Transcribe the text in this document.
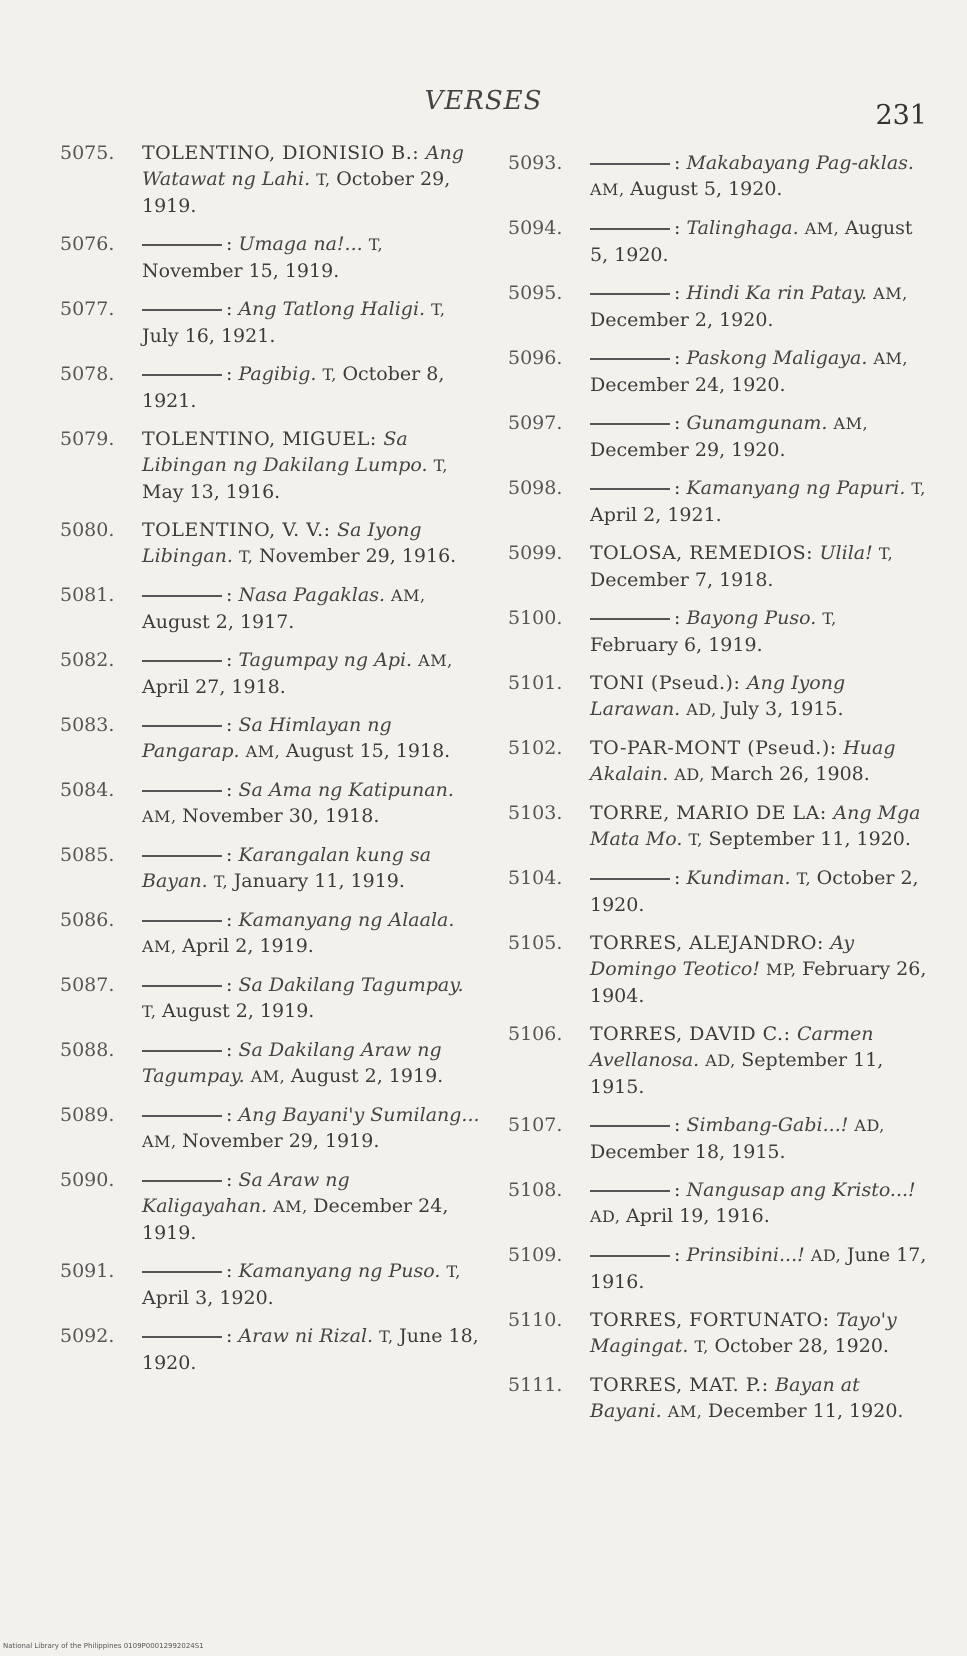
VERSES	231
5075 .	TOLENTINO, DIONISIO B. : Ang Watawat ng Lahi. T, October 29, 1919.
5076 . :	Umaga na!... T,November 15, 1919.
5077 . :	Ang Tatlong Haligi. T,July 16, 1921.
5078 . :	Pagibig. T, October 8, 1921.
5079 .	TOLENTINO, MIGUEL : Sa Libingan ng Dakilang Lumpo. T,May 13, 1916.
5080 .	TOLENTINO, V. V. : Sa Iyong Libingan. T, November 29, 1916.
5081 . :	Nasa Pagaklas. AM,August 2, 1917.
5082 . :	Tagumpay ng Api. AM,April 27, 1918.
5083 . :	Sa Himlayan ng Pangarap. AM, August 15, 1918.
5084 . :	Sa Ama ng Katipunan.AM, November 30, 1918.
5085 . :	Karangalan kung sa Bayan. T, January 11, 1919.
5086 . :	Kamanyang ng Alaala.AM, April 2, 1919.
5087 . :	Sa Dakilang Tagumpay.T, August 2, 1919.
5088 . :	Sa Dakilang Araw ng Tagumpay. AM, August 2, 1919.
5089 . :	Ang Bayani'y Sumilang...AM, November 29, 1919.
5090 . :	Sa Araw ng Kaligayahan. AM, December 24, 1919.
5091 . :	Kamanyang ng Puso. T,April 3, 1920.
5092 . :	Araw ni Rizal. T, June 18, 1920.
5093 . :	Makabayang Pag-aklas.AM, August 5, 1920.
5094 . :	Talinghaga. AM, August 5, 1920.
5095 . :	Hindi Ka rin Patay. AM,December 2, 1920.
5096 . :	Paskong Maligaya. AM,December 24, 1920.
5097 . :	Gunamgunam. AM,December 29, 1920.
5098 . :	Kamanyang ng Papuri. T,April 2, 1921.
5099 .	TOLOSA, REMEDIOS : Ulila! T,December 7, 1918.
5100 . :	Bayong Puso. T,February 6, 1919.
5101 .	TONI (Pseud.) : Ang Iyong Larawan. AD, July 3, 1915.
5102 .	TO-PAR-MONT (Pseud.) : Huag Akalain. AD, March 26, 1908.
5103 .	TORRE, MARIO DE LA : Ang Mga Mata Mo. T, September 11, 1920.
5104 . :	Kundiman. T, October 2, 1920.
5105 .	TORRES, ALEJANDRO : Ay Domingo Teotico! MP, February 26, 1904.
5106 .	TORRES, DAVID C. : Carmen Avellanosa. AD, September 11, 1915.
5107 . :	Simbang-Gabi...! AD,December 18, 1915.
5108 . :	Nangusap ang Kristo...!AD, April 19, 1916.
5109 . :	Prinsibini...! AD, June 17, 1916.
5110 .	TORRES, FORTUNATO : Tayo'y Magingat. T, October 28, 1920.
5111 .	TORRES, MAT. P. : Bayan at Bayani. AM, December 11, 1920.
National Library of the Philippines 0109P00012992024S1
